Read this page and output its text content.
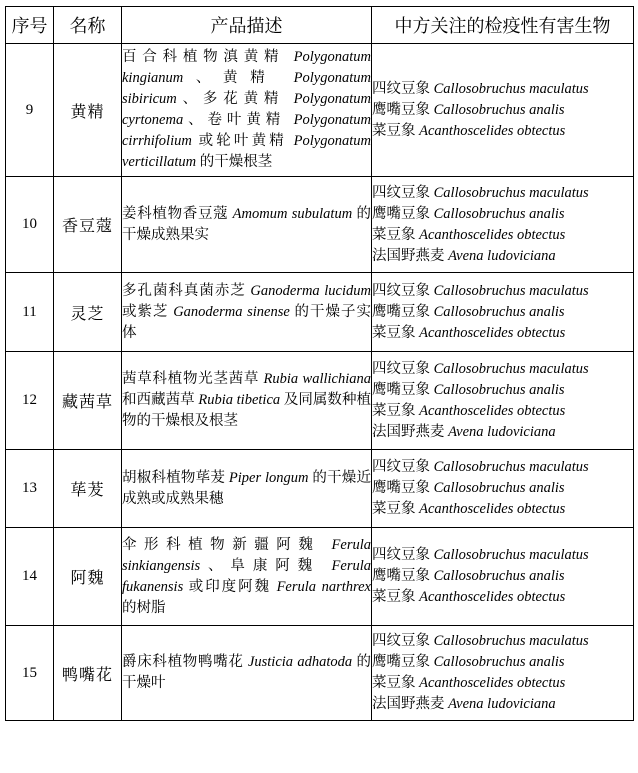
序号	名称	产品描述	中方关注的检疫性有害生物
9	黄精	百合科植物滇黄精 Polygonatum kingianum、黄精 Polygonatum sibiricum、多花黄精 Polygonatum cyrtonema、卷叶黄精 Polygonatum cirrhifolium 或轮叶黄精 Polygonatum verticillatum 的干燥根茎	四纹豆象 Callosobruchus maculatus
鹰嘴豆象 Callosobruchus analis
菜豆象 Acanthoscelides obtectus

10	香豆蔻	姜科植物香豆蔻 Amomum subulatum 的干燥成熟果实	四纹豆象 Callosobruchus maculatus
鹰嘴豆象 Callosobruchus analis
菜豆象 Acanthoscelides obtectus
法国野燕麦 Avena ludoviciana

11	灵芝	多孔菌科真菌赤芝 Ganoderma lucidum 或紫芝 Ganoderma sinense 的干燥子实体	四纹豆象 Callosobruchus maculatus
鹰嘴豆象 Callosobruchus analis
菜豆象 Acanthoscelides obtectus

12	藏茜草	茜草科植物光茎茜草 Rubia wallichiana 和西藏茜草 Rubia tibetica 及同属数种植物的干燥根及根茎	四纹豆象 Callosobruchus maculatus
鹰嘴豆象 Callosobruchus analis
菜豆象 Acanthoscelides obtectus
法国野燕麦 Avena ludoviciana

13	荜茇	胡椒科植物荜茇 Piper longum 的干燥近成熟或成熟果穗	四纹豆象 Callosobruchus maculatus
鹰嘴豆象 Callosobruchus analis
菜豆象 Acanthoscelides obtectus

14	阿魏	伞形科植物新疆阿魏 Ferula sinkiangensis、阜康阿魏 Ferula fukanensis 或印度阿魏 Ferula narthrex 的树脂	四纹豆象 Callosobruchus maculatus
鹰嘴豆象 Callosobruchus analis
菜豆象 Acanthoscelides obtectus

15	鸭嘴花	爵床科植物鸭嘴花 Justicia adhatoda 的干燥叶	四纹豆象 Callosobruchus maculatus
鹰嘴豆象 Callosobruchus analis
菜豆象 Acanthoscelides obtectus
法国野燕麦 Avena ludoviciana
